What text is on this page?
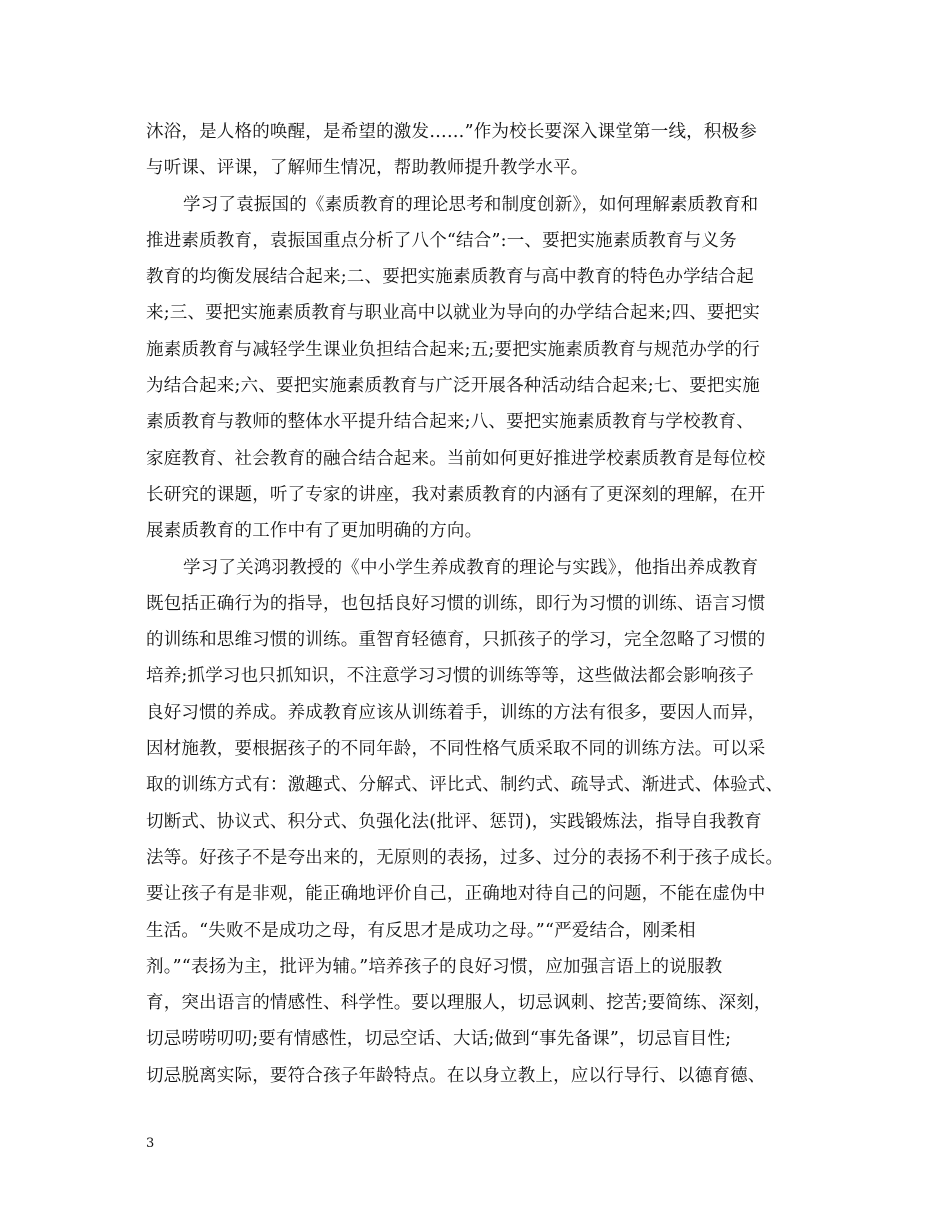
沐浴，是人格的唤醒，是希望的激发……”作为校长要深入课堂第一线，积极参
与听课、评课，了解师生情况，帮助教师提升教学水平。
学习了袁振国的《素质教育的理论思考和制度创新》，如何理解素质教育和
推进素质教育，袁振国重点分析了八个“结合”:一、要把实施素质教育与义务
教育的均衡发展结合起来;二、要把实施素质教育与高中教育的特色办学结合起
来;三、要把实施素质教育与职业高中以就业为导向的办学结合起来;四、要把实
施素质教育与减轻学生课业负担结合起来;五;要把实施素质教育与规范办学的行
为结合起来;六、要把实施素质教育与广泛开展各种活动结合起来;七、要把实施
素质教育与教师的整体水平提升结合起来;八、要把实施素质教育与学校教育、
家庭教育、社会教育的融合结合起来。当前如何更好推进学校素质教育是每位校
长研究的课题，听了专家的讲座，我对素质教育的内涵有了更深刻的理解，在开
展素质教育的工作中有了更加明确的方向。
学习了关鸿羽教授的《中小学生养成教育的理论与实践》，他指出养成教育
既包括正确行为的指导，也包括良好习惯的训练，即行为习惯的训练、语言习惯
的训练和思维习惯的训练。重智育轻德育，只抓孩子的学习，完全忽略了习惯的
培养;抓学习也只抓知识，不注意学习习惯的训练等等，这些做法都会影响孩子
良好习惯的养成。养成教育应该从训练着手，训练的方法有很多，要因人而异，
因材施教，要根据孩子的不同年龄，不同性格气质采取不同的训练方法。可以采
取的训练方式有：激趣式、分解式、评比式、制约式、疏导式、渐进式、体验式、
切断式、协议式、积分式、负强化法(批评、惩罚)，实践锻炼法，指导自我教育
法等。好孩子不是夸出来的，无原则的表扬，过多、过分的表扬不利于孩子成长。
要让孩子有是非观，能正确地评价自己，正确地对待自己的问题，不能在虚伪中
生活。“失败不是成功之母，有反思才是成功之母。”“严爱结合，刚柔相
剂。”“表扬为主，批评为辅。”培养孩子的良好习惯，应加强言语上的说服教
育，突出语言的情感性、科学性。要以理服人，切忌讽刺、挖苦;要简练、深刻，
切忌唠唠叨叨;要有情感性，切忌空话、大话;做到“事先备课”，切忌盲目性;
切忌脱离实际，要符合孩子年龄特点。在以身立教上，应以行导行、以德育德、
3
